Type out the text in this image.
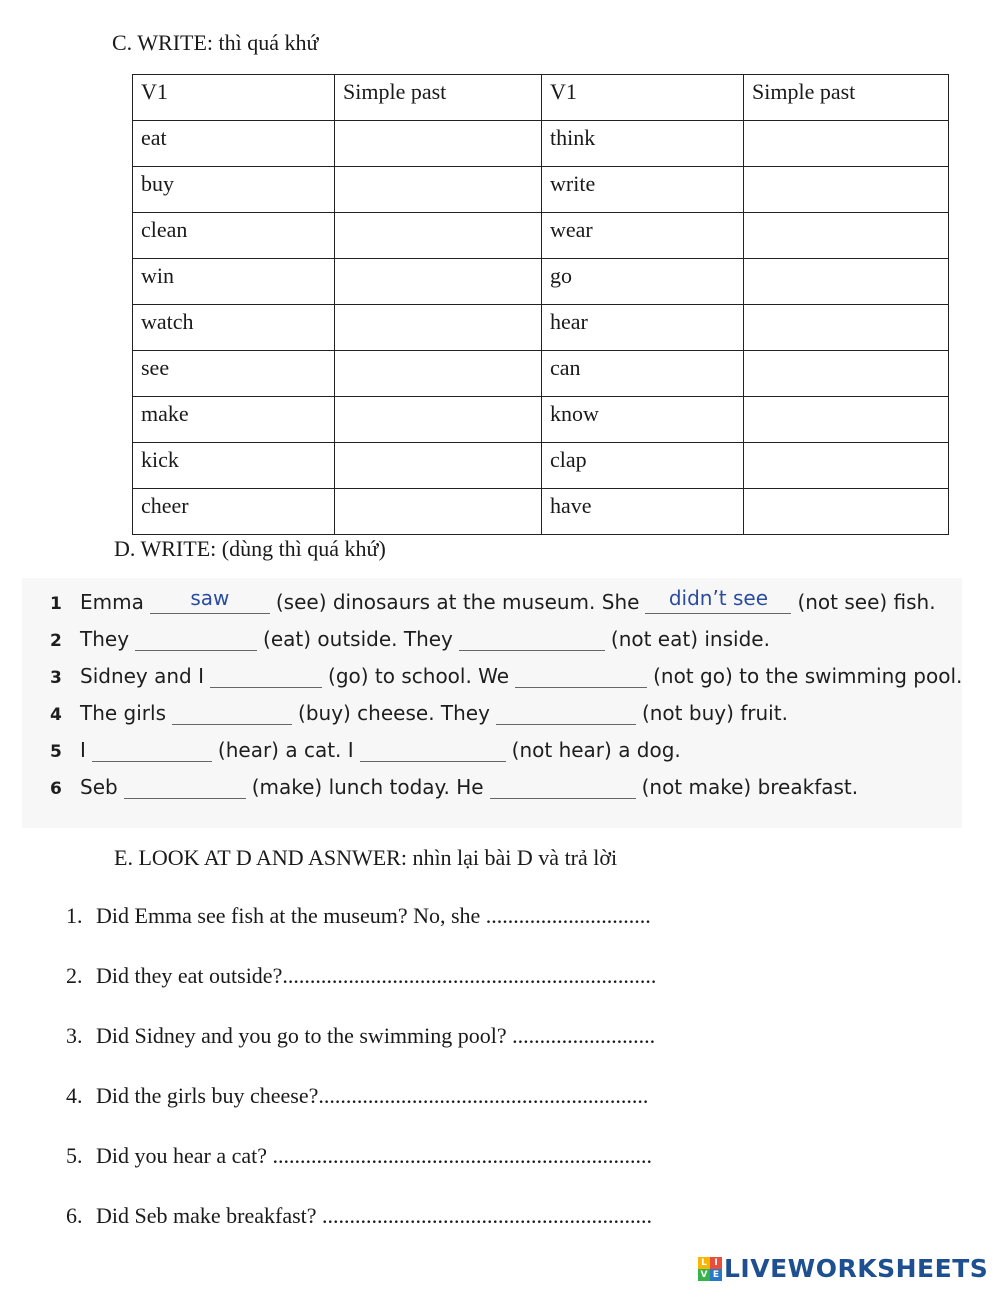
C. WRITE: thì quá khứ
V1	Simple past	V1	Simple past
eat		think	
buy		write	
clean		wear	
win		go	
watch		hear	
see		can	
make		know	
kick		clap	
cheer		have	
D. WRITE: (dùng thì quá khứ)
1 Emma	saw	(see) dinosaurs at the museum. She	didn’t see	(not see) fish.
2 They	(eat) outside. They	(not eat) inside.
3 Sidney and I	(go) to school. We	(not go) to the swimming pool.
4 The girls	(buy) cheese. They	(not buy) fruit.
5 I	(hear) a cat. I	(not hear) a dog.
6 Seb	(make) lunch today. He	(not make) breakfast.
E. LOOK AT D AND ASNWER: nhìn lại bài D và trả lời
1. Did Emma see fish at the museum? No, she ..............................
2. Did they eat outside?....................................................................
3. Did Sidney and you go to the swimming pool? ..........................
4. Did the girls buy cheese?............................................................
5. Did you hear a cat? .....................................................................
6. Did Seb make breakfast? ............................................................
L I
V E LIVEWORKSHEETS
